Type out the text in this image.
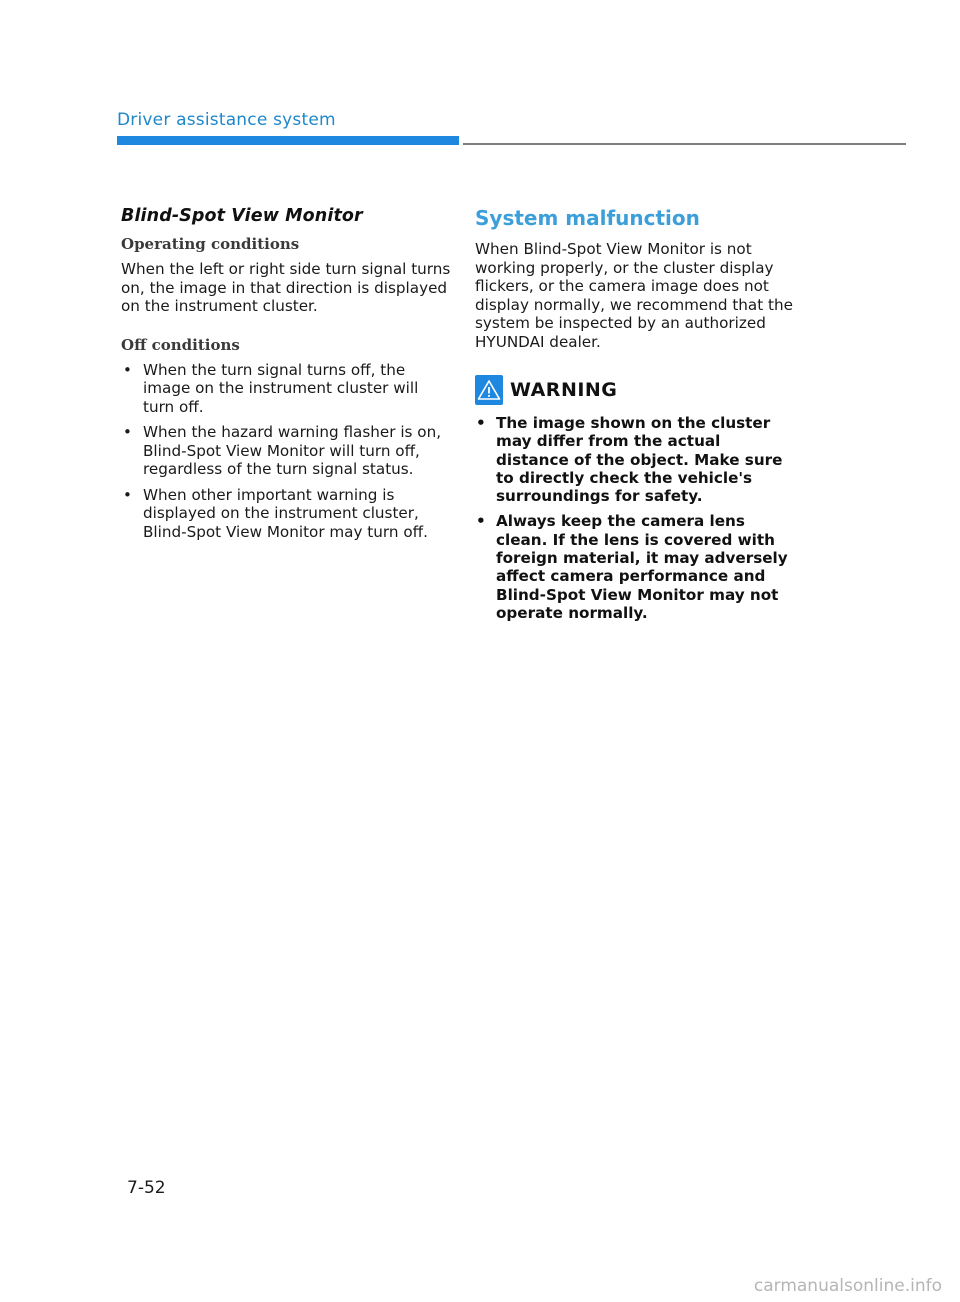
Driver assistance system
Blind-Spot View Monitor
Operating conditions

When the left or right side turn signal turns on, the image in that direction is displayed on the instrument cluster.

Off conditions
• When the turn signal turns off, the image on the instrument cluster will turn off.
• When the hazard warning flasher is on, Blind-Spot View Monitor will turn off, regardless of the turn signal status.
• When other important warning is displayed on the instrument cluster, Blind-Spot View Monitor may turn off.
System malfunction

When Blind-Spot View Monitor is not working properly, or the cluster display flickers, or the camera image does not display normally, we recommend that the system be inspected by an authorized HYUNDAI dealer.

WARNING
• The image shown on the cluster may differ from the actual distance of the object. Make sure to directly check the vehicle's surroundings for safety.
• Always keep the camera lens clean. If the lens is covered with foreign material, it may adversely affect camera performance and Blind-Spot View Monitor may not operate normally.
7-52
carmanualsonline.info
